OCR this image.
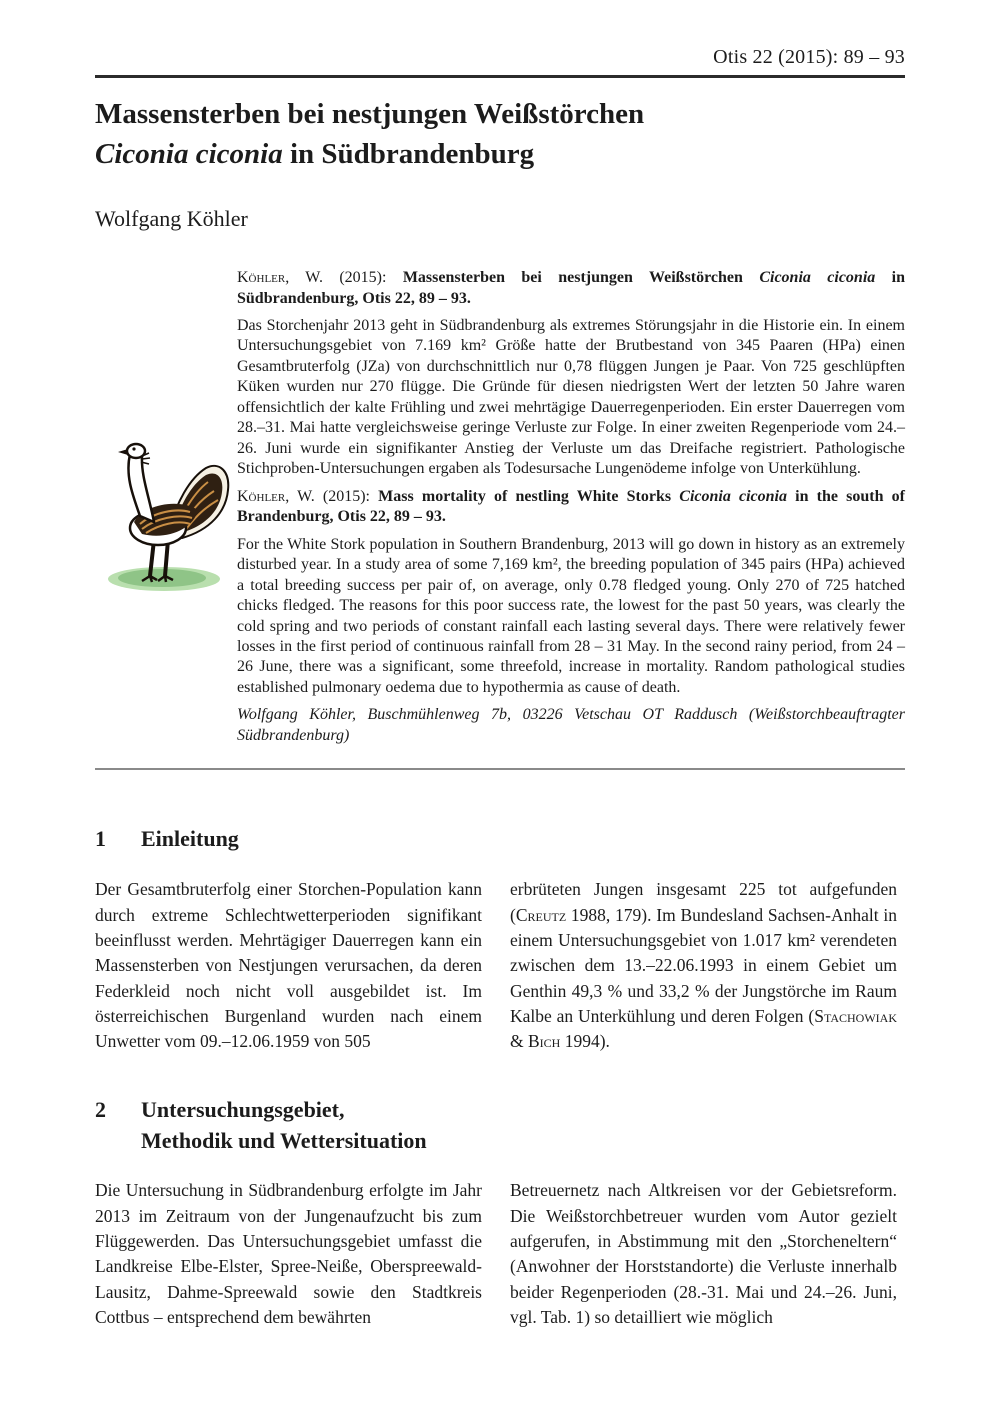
Otis 22 (2015): 89 – 93
Massensterben bei nestjungen Weißstörchen
Ciconia ciconia in Südbrandenburg
Wolfgang Köhler

Köhler, W. (2015): Massensterben bei nestjungen Weißstörchen Ciconia ciconia in Südbrandenburg, Otis 22, 89 – 93.

Das Storchenjahr 2013 geht in Südbrandenburg als extremes Störungsjahr in die Historie ein. In einem Untersuchungsgebiet von 7.169 km² Größe hatte der Brutbestand von 345 Paaren (HPa) einen Gesamtbruterfolg (JZa) von durchschnittlich nur 0,78 flüggen Jungen je Paar. Von 725 geschlüpften Küken wurden nur 270 flügge. Die Gründe für diesen niedrigsten Wert der letzten 50 Jahre waren offensichtlich der kalte Frühling und zwei mehrtägige Dauerregenperioden. Ein erster Dauerregen vom 28.–31. Mai hatte vergleichsweise geringe Verluste zur Folge. In einer zweiten Regenperiode vom 24.–26. Juni wurde ein signifikanter Anstieg der Verluste um das Dreifache registriert. Pathologische Stichproben-Untersuchungen ergaben als Todesursache Lungenödeme infolge von Unterkühlung.

Köhler, W. (2015): Mass mortality of nestling White Storks Ciconia ciconia in the south of Brandenburg, Otis 22, 89 – 93.

For the White Stork population in Southern Brandenburg, 2013 will go down in history as an extremely disturbed year. In a study area of some 7,169 km², the breeding population of 345 pairs (HPa) achieved a total breeding success per pair of, on average, only 0.78 fledged young. Only 270 of 725 hatched chicks fledged. The reasons for this poor success rate, the lowest for the past 50 years, was clearly the cold spring and two periods of constant rainfall each lasting several days. There were relatively fewer losses in the first period of continuous rainfall from 28 – 31 May. In the second rainy period, from 24 – 26 June, there was a significant, some threefold, increase in mortality. Random pathological studies established pulmonary oedema due to hypothermia as cause of death.

Wolfgang Köhler, Buschmühlenweg 7b, 03226 Vetschau OT Raddusch (Weißstorchbeauftragter Südbrandenburg)

1 Einleitung

Der Gesamtbruterfolg einer Storchen-Population kann durch extreme Schlechtwetterperioden signifikant beeinflusst werden. Mehrtägiger Dauerregen kann ein Massensterben von Nestjungen verursachen, da deren Federkleid noch nicht voll ausgebildet ist. Im österreichischen Burgenland wurden nach einem Unwetter vom 09.–12.06.1959 von 505

erbrüteten Jungen insgesamt 225 tot aufgefunden (Creutz 1988, 179). Im Bundesland Sachsen-Anhalt in einem Untersuchungsgebiet von 1.017 km² verendeten zwischen dem 13.–22.06.1993 in einem Gebiet um Genthin 49,3 % und 33,2 % der Jungstörche im Raum Kalbe an Unterkühlung und deren Folgen (Stachowiak & Bich 1994).

2 Untersuchungsgebiet,
Methodik und Wettersituation

Die Untersuchung in Südbrandenburg erfolgte im Jahr 2013 im Zeitraum von der Jungenaufzucht bis zum Flüggewerden. Das Untersuchungsgebiet umfasst die Landkreise Elbe-Elster, Spree-Neiße, Oberspreewald-Lausitz, Dahme-Spreewald sowie den Stadtkreis Cottbus – entsprechend dem bewährten

Betreuernetz nach Altkreisen vor der Gebietsreform. Die Weißstorchbetreuer wurden vom Autor gezielt aufgerufen, in Abstimmung mit den „Storcheneltern“ (Anwohner der Horststandorte) die Verluste innerhalb beider Regenperioden (28.-31. Mai und 24.–26. Juni, vgl. Tab. 1) so detailliert wie möglich
